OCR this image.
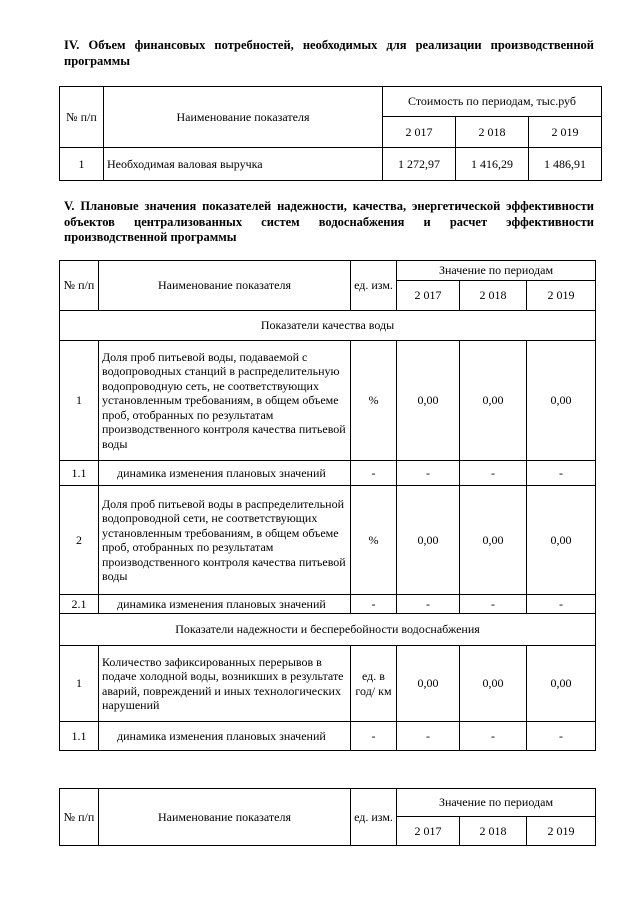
IV. Объем финансовых потребностей, необходимых для реализации производственной программы
№ п/п	Наименование показателя	Стоимость по периодам, тыс.руб		
		2 017	2 018	2 019
1	Необходимая валовая выручка	1 272,97	1 416,29	1 486,91
V. Плановые значения показателей надежности, качества, энергетической эффективности объектов централизованных систем водоснабжения и расчет эффективности производственной программы
№ п/п	Наименование показателя	ед. изм.	Значение по периодам		
			2 017	2 018	2 019
Показатели качества воды					
1	Доля проб питьевой воды, подаваемой с водопроводных станций в распределительную водопроводную сеть, не соответствующих установленным требованиям, в общем объеме проб, отобранных по результатам производственного контроля качества питьевой воды	%	0,00	0,00	0,00
1.1	динамика изменения плановых значений	-	-	-	-
2	Доля проб питьевой воды в распределительной водопроводной сети, не соответствующих установленным требованиям, в общем объеме проб, отобранных по результатам производственного контроля качества питьевой воды	%	0,00	0,00	0,00
2.1	динамика изменения плановых значений	-	-	-	-
Показатели надежности и бесперебойности водоснабжения					
1	Количество зафиксированных перерывов в подаче холодной воды, возникших в результате аварий, повреждений и иных технологических нарушений	ед. в год/ км	0,00	0,00	0,00
1.1	динамика изменения плановых значений	-	-	-	-
№ п/п	Наименование показателя	ед. изм.	Значение по периодам		
			2 017	2 018	2 019
